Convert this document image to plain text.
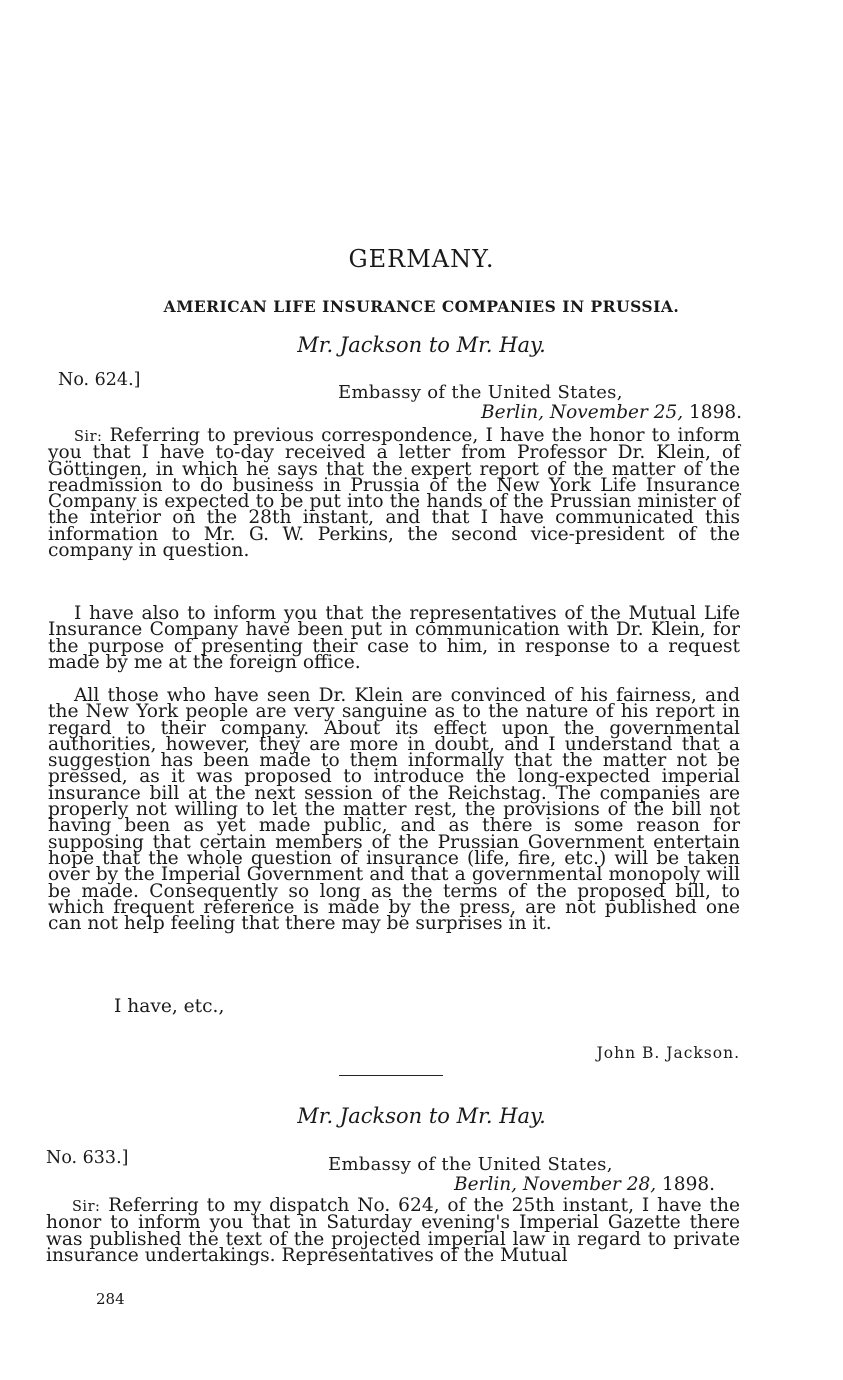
GERMANY.
AMERICAN LIFE INSURANCE COMPANIES IN PRUSSIA.
Mr. Jackson to Mr. Hay.
No. 624.]
Embassy of the United States,
Berlin, November 25, 1898.
Sir: Referring to previous correspondence, I have the honor to inform you that I have to-day received a letter from Professor Dr. Klein, of Göttingen, in which he says that the expert report of the matter of the readmission to do business in Prussia of the New York Life Insurance Company is expected to be put into the hands of the Prussian minister of the interior on the 28th instant, and that I have communicated this information to Mr. G. W. Perkins, the second vice-president of the company in question.
I have also to inform you that the representatives of the Mutual Life Insurance Company have been put in communication with Dr. Klein, for the purpose of presenting their case to him, in response to a request made by me at the foreign office.
All those who have seen Dr. Klein are convinced of his fairness, and the New York people are very sanguine as to the nature of his report in regard to their company. About its effect upon the governmental authorities, however, they are more in doubt, and I understand that a suggestion has been made to them informally that the matter not be pressed, as it was proposed to introduce the long-expected imperial insurance bill at the next session of the Reichstag. The companies are properly not willing to let the matter rest, the provisions of the bill not having been as yet made public, and as there is some reason for supposing that certain members of the Prussian Government entertain hope that the whole question of insurance (life, fire, etc.) will be taken over by the Imperial Government and that a governmental monopoly will be made. Consequently so long as the terms of the proposed bill, to which frequent reference is made by the press, are not published one can not help feeling that there may be surprises in it.
I have, etc.,
John B. Jackson.
Mr. Jackson to Mr. Hay.
No. 633.]	Embassy of the United States,
Berlin, November 28, 1898.
Sir: Referring to my dispatch No. 624, of the 25th instant, I have the honor to inform you that in Saturday evening's Imperial Gazette there was published the text of the projected imperial law in regard to private insurance undertakings. Representatives of the Mutual
284
